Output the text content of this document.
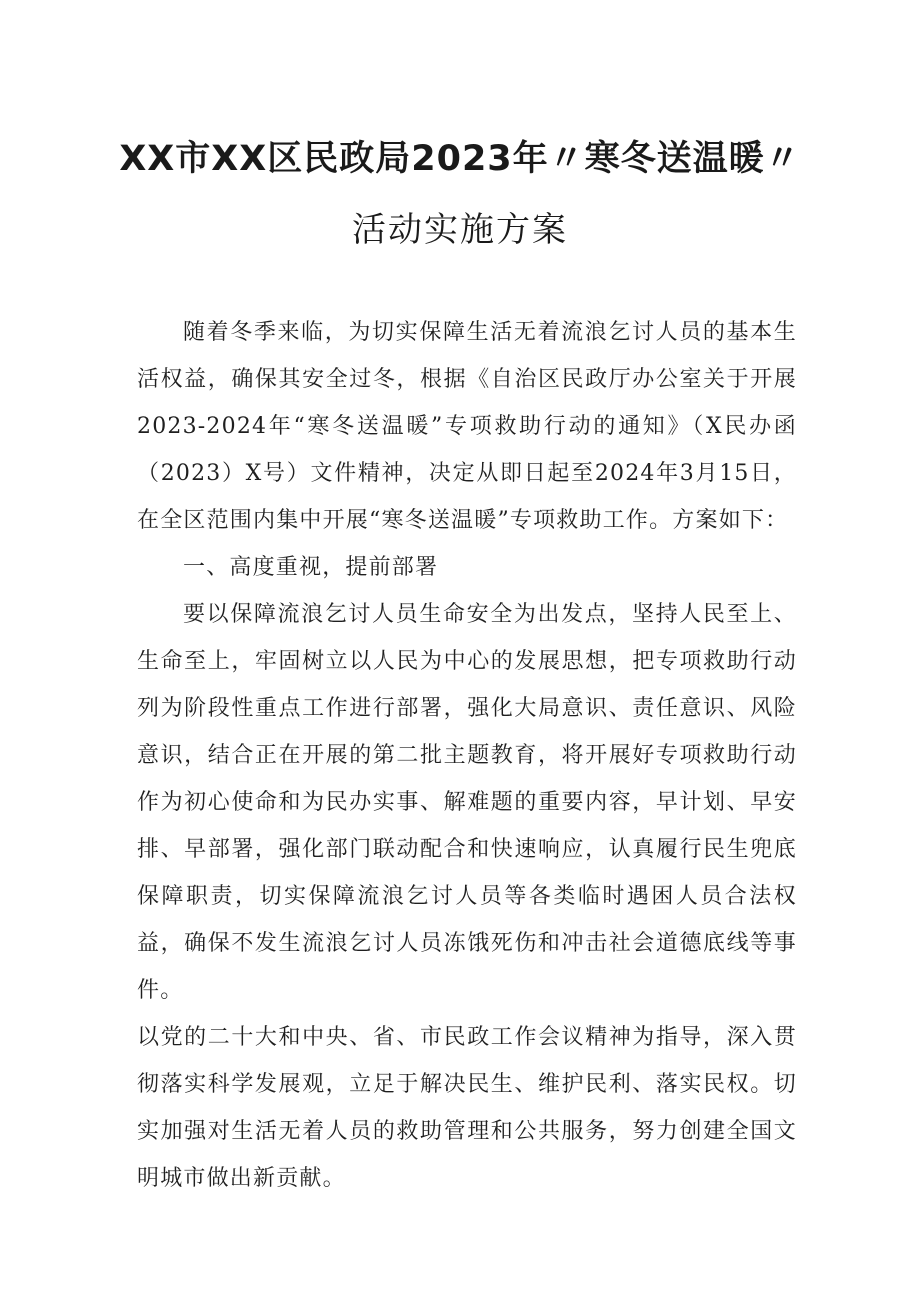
XX市XX区民政局2023年〃寒冬送温暖〃
活动实施方案

随着冬季来临，为切实保障生活无着流浪乞讨人员的基本生活权益，确保其安全过冬，根据《自治区民政厅办公室关于开展2023-2024年“寒冬送温暖”专项救助行动的通知》（X民办函（2023）X号）文件精神，决定从即日起至2024年3月15日，在全区范围内集中开展“寒冬送温暖”专项救助工作。方案如下：

一、高度重视，提前部署

要以保障流浪乞讨人员生命安全为出发点，坚持人民至上、生命至上，牢固树立以人民为中心的发展思想，把专项救助行动列为阶段性重点工作进行部署，强化大局意识、责任意识、风险意识，结合正在开展的第二批主题教育，将开展好专项救助行动作为初心使命和为民办实事、解难题的重要内容，早计划、早安排、早部署，强化部门联动配合和快速响应，认真履行民生兜底保障职责，切实保障流浪乞讨人员等各类临时遇困人员合法权益，确保不发生流浪乞讨人员冻饿死伤和冲击社会道德底线等事件。

以党的二十大和中央、省、市民政工作会议精神为指导，深入贯彻落实科学发展观，立足于解决民生、维护民利、落实民权。切实加强对生活无着人员的救助管理和公共服务，努力创建全国文明城市做出新贡献。
